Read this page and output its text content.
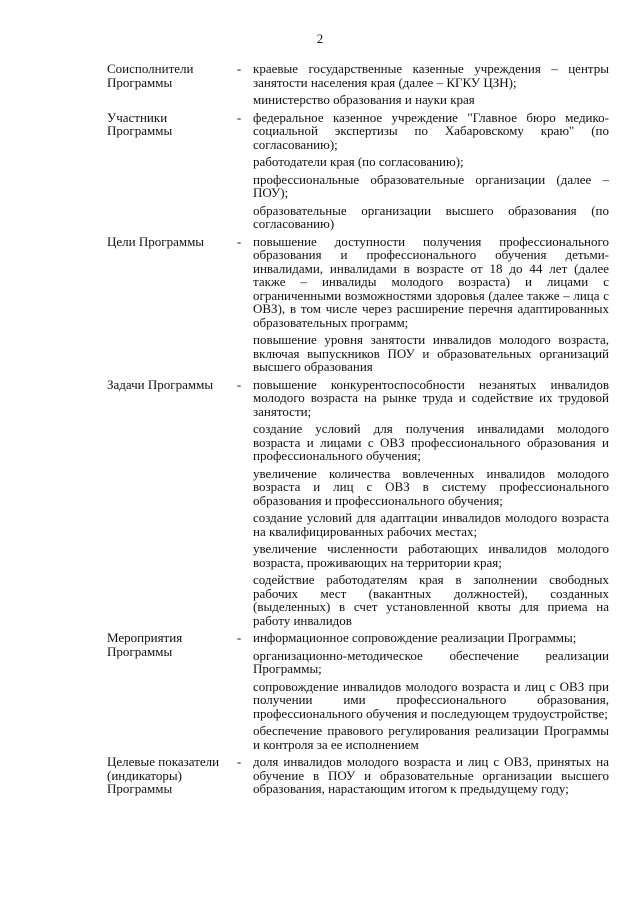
2
Соисполнители Программы
- краевые государственные казенные учреждения – центры занятости населения края (далее – КГКУ ЦЗН);

министерство образования и науки края

Участники Программы
- федеральное казенное учреждение "Главное бюро медико-социальной экспертизы по Хабаровскому краю" (по согласованию);

работодатели края (по согласованию);

профессиональные образовательные организации (далее – ПОУ);

образовательные организации высшего образования (по согласованию)

Цели Программы	- повышение доступности получения профессионального образования и профессионального обучения детьми-инвалидами, инвалидами в возрасте от 18 до 44 лет (далее также – инвалиды молодого возраста) и лицами с ограниченными возможностями здоровья (далее также – лица с ОВЗ), в том числе через расширение перечня адаптированных образовательных программ;

повышение уровня занятости инвалидов молодого возраста, включая выпускников ПОУ и образовательных организаций высшего образования

Задачи Программы	- повышение конкурентоспособности незанятых инвалидов молодого возраста на рынке труда и содействие их трудовой занятости;

создание условий для получения инвалидами молодого возраста и лицами с ОВЗ профессионального образования и профессионального обучения;

увеличение количества вовлеченных инвалидов молодого возраста и лиц с ОВЗ в систему профессионального образования и профессионального обучения;

создание условий для адаптации инвалидов молодого возраста на квалифицированных рабочих местах;

увеличение численности работающих инвалидов молодого возраста, проживающих на территории края;

содействие работодателям края в заполнении свободных рабочих мест (вакантных должностей), созданных (выделенных) в счет установленной квоты для приема на работу инвалидов

Мероприятия Программы
- информационное сопровождение реализации Программы;

организационно-методическое обеспечение реализации Программы;

сопровождение инвалидов молодого возраста и лиц с ОВЗ при получении ими профессионального образования, профессионального обучения и последующем трудоустройстве;

обеспечение правового регулирования реализации Программы и контроля за ее исполнением

Целевые показатели (индикаторы) Программы
- доля инвалидов молодого возраста и лиц с ОВЗ, принятых на обучение в ПОУ и образовательные организации высшего образования, нарастающим итогом к предыдущему году;
